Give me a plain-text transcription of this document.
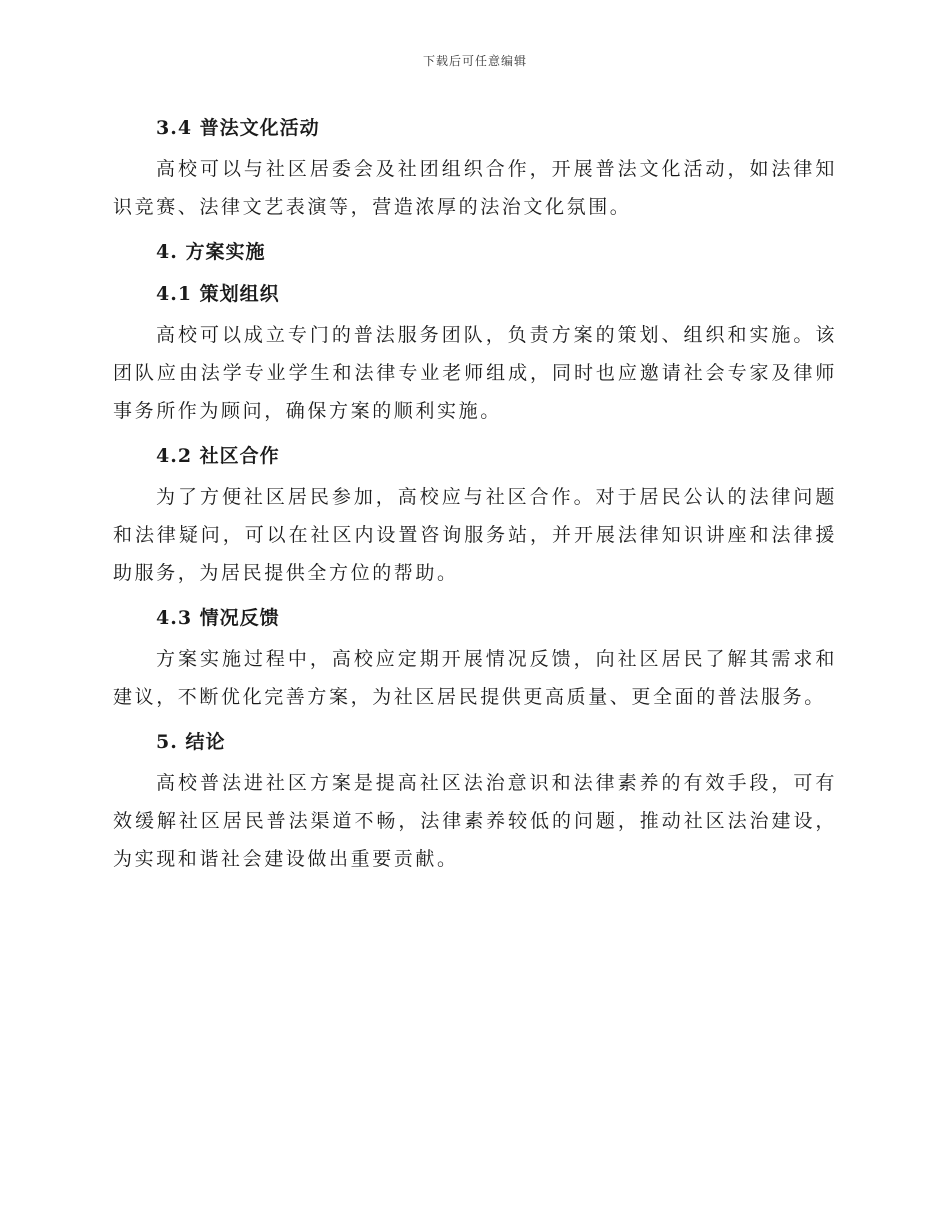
下载后可任意编辑
3.4 普法文化活动

高校可以与社区居委会及社团组织合作，开展普法文化活动，如法律知识竞赛、法律文艺表演等，营造浓厚的法治文化氛围。

4. 方案实施
4.1 策划组织

高校可以成立专门的普法服务团队，负责方案的策划、组织和实施。该团队应由法学专业学生和法律专业老师组成，同时也应邀请社会专家及律师事务所作为顾问，确保方案的顺利实施。

4.2 社区合作

为了方便社区居民参加，高校应与社区合作。对于居民公认的法律问题和法律疑问，可以在社区内设置咨询服务站，并开展法律知识讲座和法律援助服务，为居民提供全方位的帮助。

4.3 情况反馈

方案实施过程中，高校应定期开展情况反馈，向社区居民了解其需求和建议，不断优化完善方案，为社区居民提供更高质量、更全面的普法服务。

5. 结论

高校普法进社区方案是提高社区法治意识和法律素养的有效手段，可有效缓解社区居民普法渠道不畅，法律素养较低的问题，推动社区法治建设，为实现和谐社会建设做出重要贡献。
